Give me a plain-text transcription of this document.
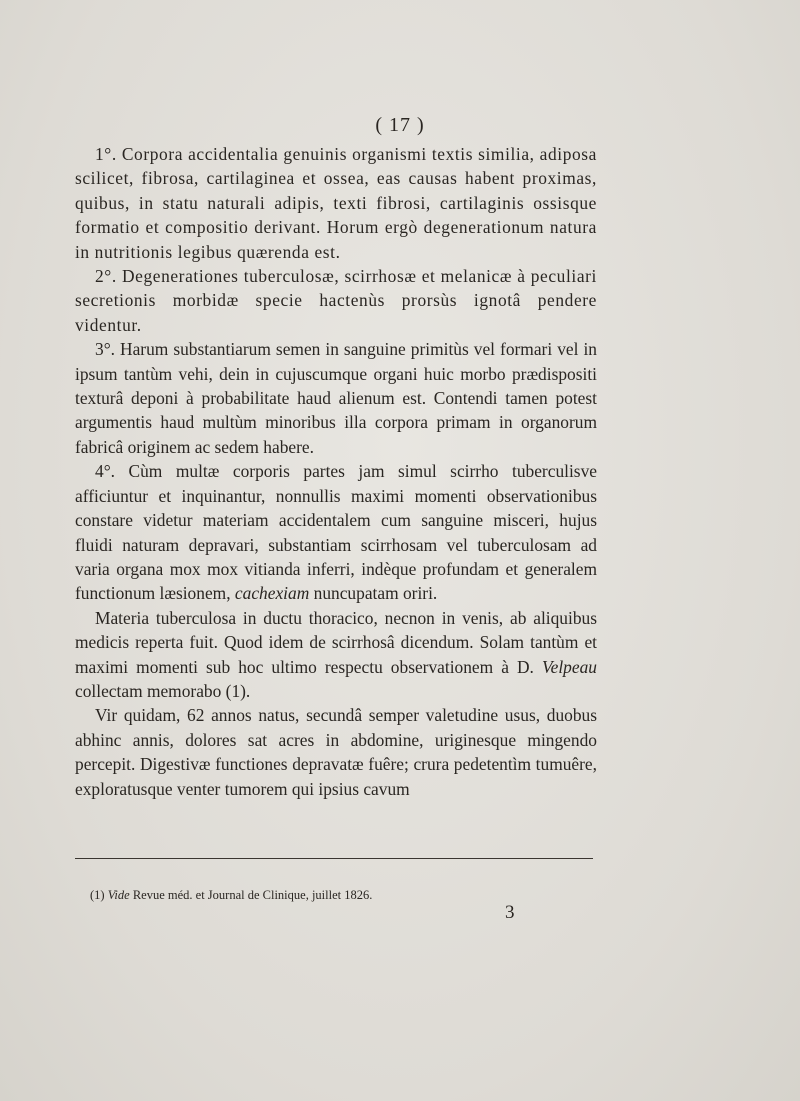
( 17 )

1°. Corpora accidentalia genuinis organismi textis similia, adiposa scilicet, fibrosa, cartilaginea et ossea, eas causas habent proximas, quibus, in statu naturali adipis, texti fibrosi, cartilaginis ossisque formatio et compositio derivant. Horum ergò degenerationum natura in nutritionis legibus quærenda est.

2°. Degenerationes tuberculosæ, scirrhosæ et melanicæ à peculiari secretionis morbidæ specie hactenùs prorsùs ignotâ pendere videntur.

3°. Harum substantiarum semen in sanguine primitùs vel formari vel in ipsum tantùm vehi, dein in cujuscumque organi huic morbo prædispositi texturâ deponi à probabilitate haud alienum est. Contendi tamen potest argumentis haud multùm minoribus illa corpora primam in organorum fabricâ originem ac sedem habere.

4°. Cùm multæ corporis partes jam simul scirrho tuberculisve afficiuntur et inquinantur, nonnullis maximi momenti observationibus constare videtur materiam accidentalem cum sanguine misceri, hujus fluidi naturam depravari, substantiam scirrhosam vel tuberculosam ad varia organa mox mox vitianda inferri, indèque profundam et generalem functionum læsionem, cachexiam nuncupatam oriri.

Materia tuberculosa in ductu thoracico, necnon in venis, ab aliquibus medicis reperta fuit. Quod idem de scirrhosâ dicendum. Solam tantùm et maximi momenti sub hoc ultimo respectu observationem à D. Velpeau collectam memorabo (1).

Vir quidam, 62 annos natus, secundâ semper valetudine usus, duobus abhinc annis, dolores sat acres in abdomine, uriginesque mingendo percepit. Digestivæ functiones depravatæ fuêre; crura pedetentìm tumuêre, exploratusque venter tumorem qui ipsius cavum

(1) Vide Revue méd. et Journal de Clinique, juillet 1826.
3
